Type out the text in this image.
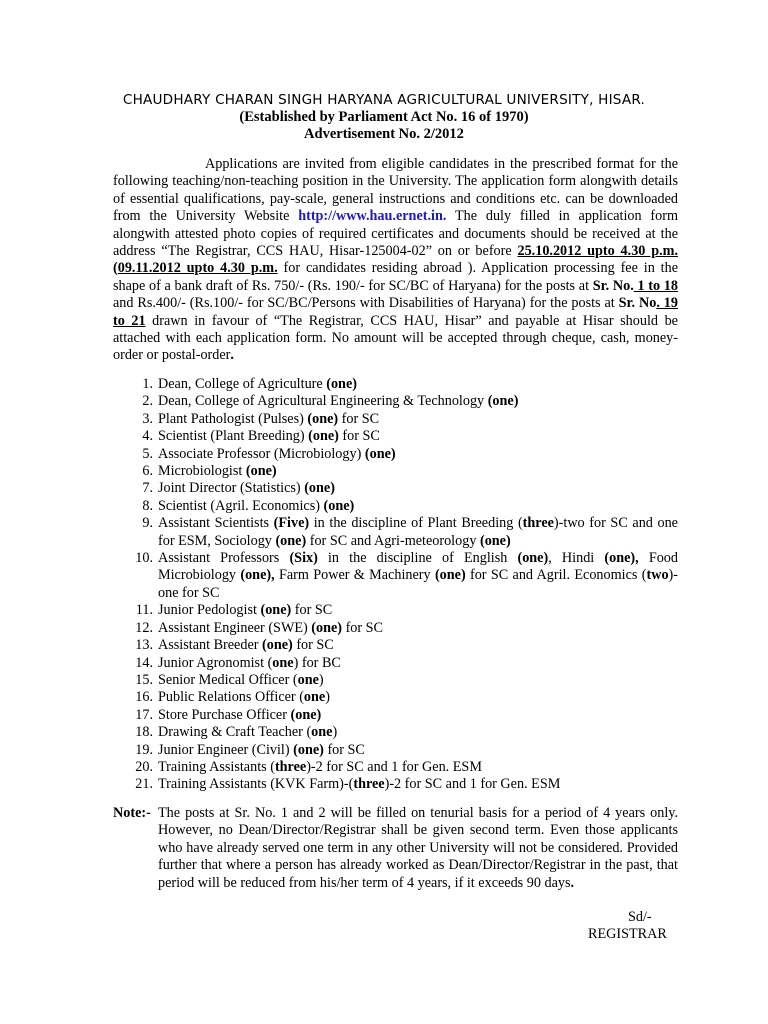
CHAUDHARY CHARAN SINGH HARYANA AGRICULTURAL UNIVERSITY, HISAR.
(Established by Parliament Act No. 16 of 1970)
Advertisement No. 2/2012

Applications are invited from eligible candidates in the prescribed format for the following teaching/non-teaching position in the University. The application form alongwith details of essential qualifications, pay-scale, general instructions and conditions etc. can be downloaded from the University Website http://www.hau.ernet.in. The duly filled in application form alongwith attested photo copies of required certificates and documents should be received at the address “The Registrar, CCS HAU, Hisar-125004-02” on or before 25.10.2012 upto 4.30 p.m. (09.11.2012 upto 4.30 p.m. for candidates residing abroad ). Application processing fee in the shape of a bank draft of Rs. 750/- (Rs. 190/- for SC/BC of Haryana) for the posts at Sr. No. 1 to 18 and Rs.400/- (Rs.100/- for SC/BC/Persons with Disabilities of Haryana) for the posts at Sr. No. 19 to 21 drawn in favour of “The Registrar, CCS HAU, Hisar” and payable at Hisar should be attached with each application form. No amount will be accepted through cheque, cash, money-order or postal-order.

1. Dean, College of Agriculture (one)
2. Dean, College of Agricultural Engineering & Technology (one)
3. Plant Pathologist (Pulses) (one) for SC
4. Scientist (Plant Breeding) (one) for SC
5. Associate Professor (Microbiology) (one)
6. Microbiologist (one)
7. Joint Director (Statistics) (one)
8. Scientist (Agril. Economics) (one)
9. Assistant Scientists (Five) in the discipline of Plant Breeding (three)-two for SC and one for ESM, Sociology (one) for SC and Agri-meteorology (one)
10. Assistant Professors (Six) in the discipline of English (one), Hindi (one), Food Microbiology (one), Farm Power & Machinery (one) for SC and Agril. Economics (two)- one for SC
11. Junior Pedologist (one) for SC
12. Assistant Engineer (SWE) (one) for SC
13. Assistant Breeder (one) for SC
14. Junior Agronomist (one) for BC
15. Senior Medical Officer (one)
16. Public Relations Officer (one)
17. Store Purchase Officer (one)
18. Drawing & Craft Teacher (one)
19. Junior Engineer (Civil) (one) for SC
20. Training Assistants (three)-2 for SC and 1 for Gen. ESM
21. Training Assistants (KVK Farm)-(three)-2 for SC and 1 for Gen. ESM
Note:- The posts at Sr. No. 1 and 2 will be filled on tenurial basis for a period of 4 years only. However, no Dean/Director/Registrar shall be given second term. Even those applicants who have already served one term in any other University will not be considered. Provided further that where a person has already worked as Dean/Director/Registrar in the past, that period will be reduced from his/her term of 4 years, if it exceeds 90 days.
Sd/-
REGISTRAR
